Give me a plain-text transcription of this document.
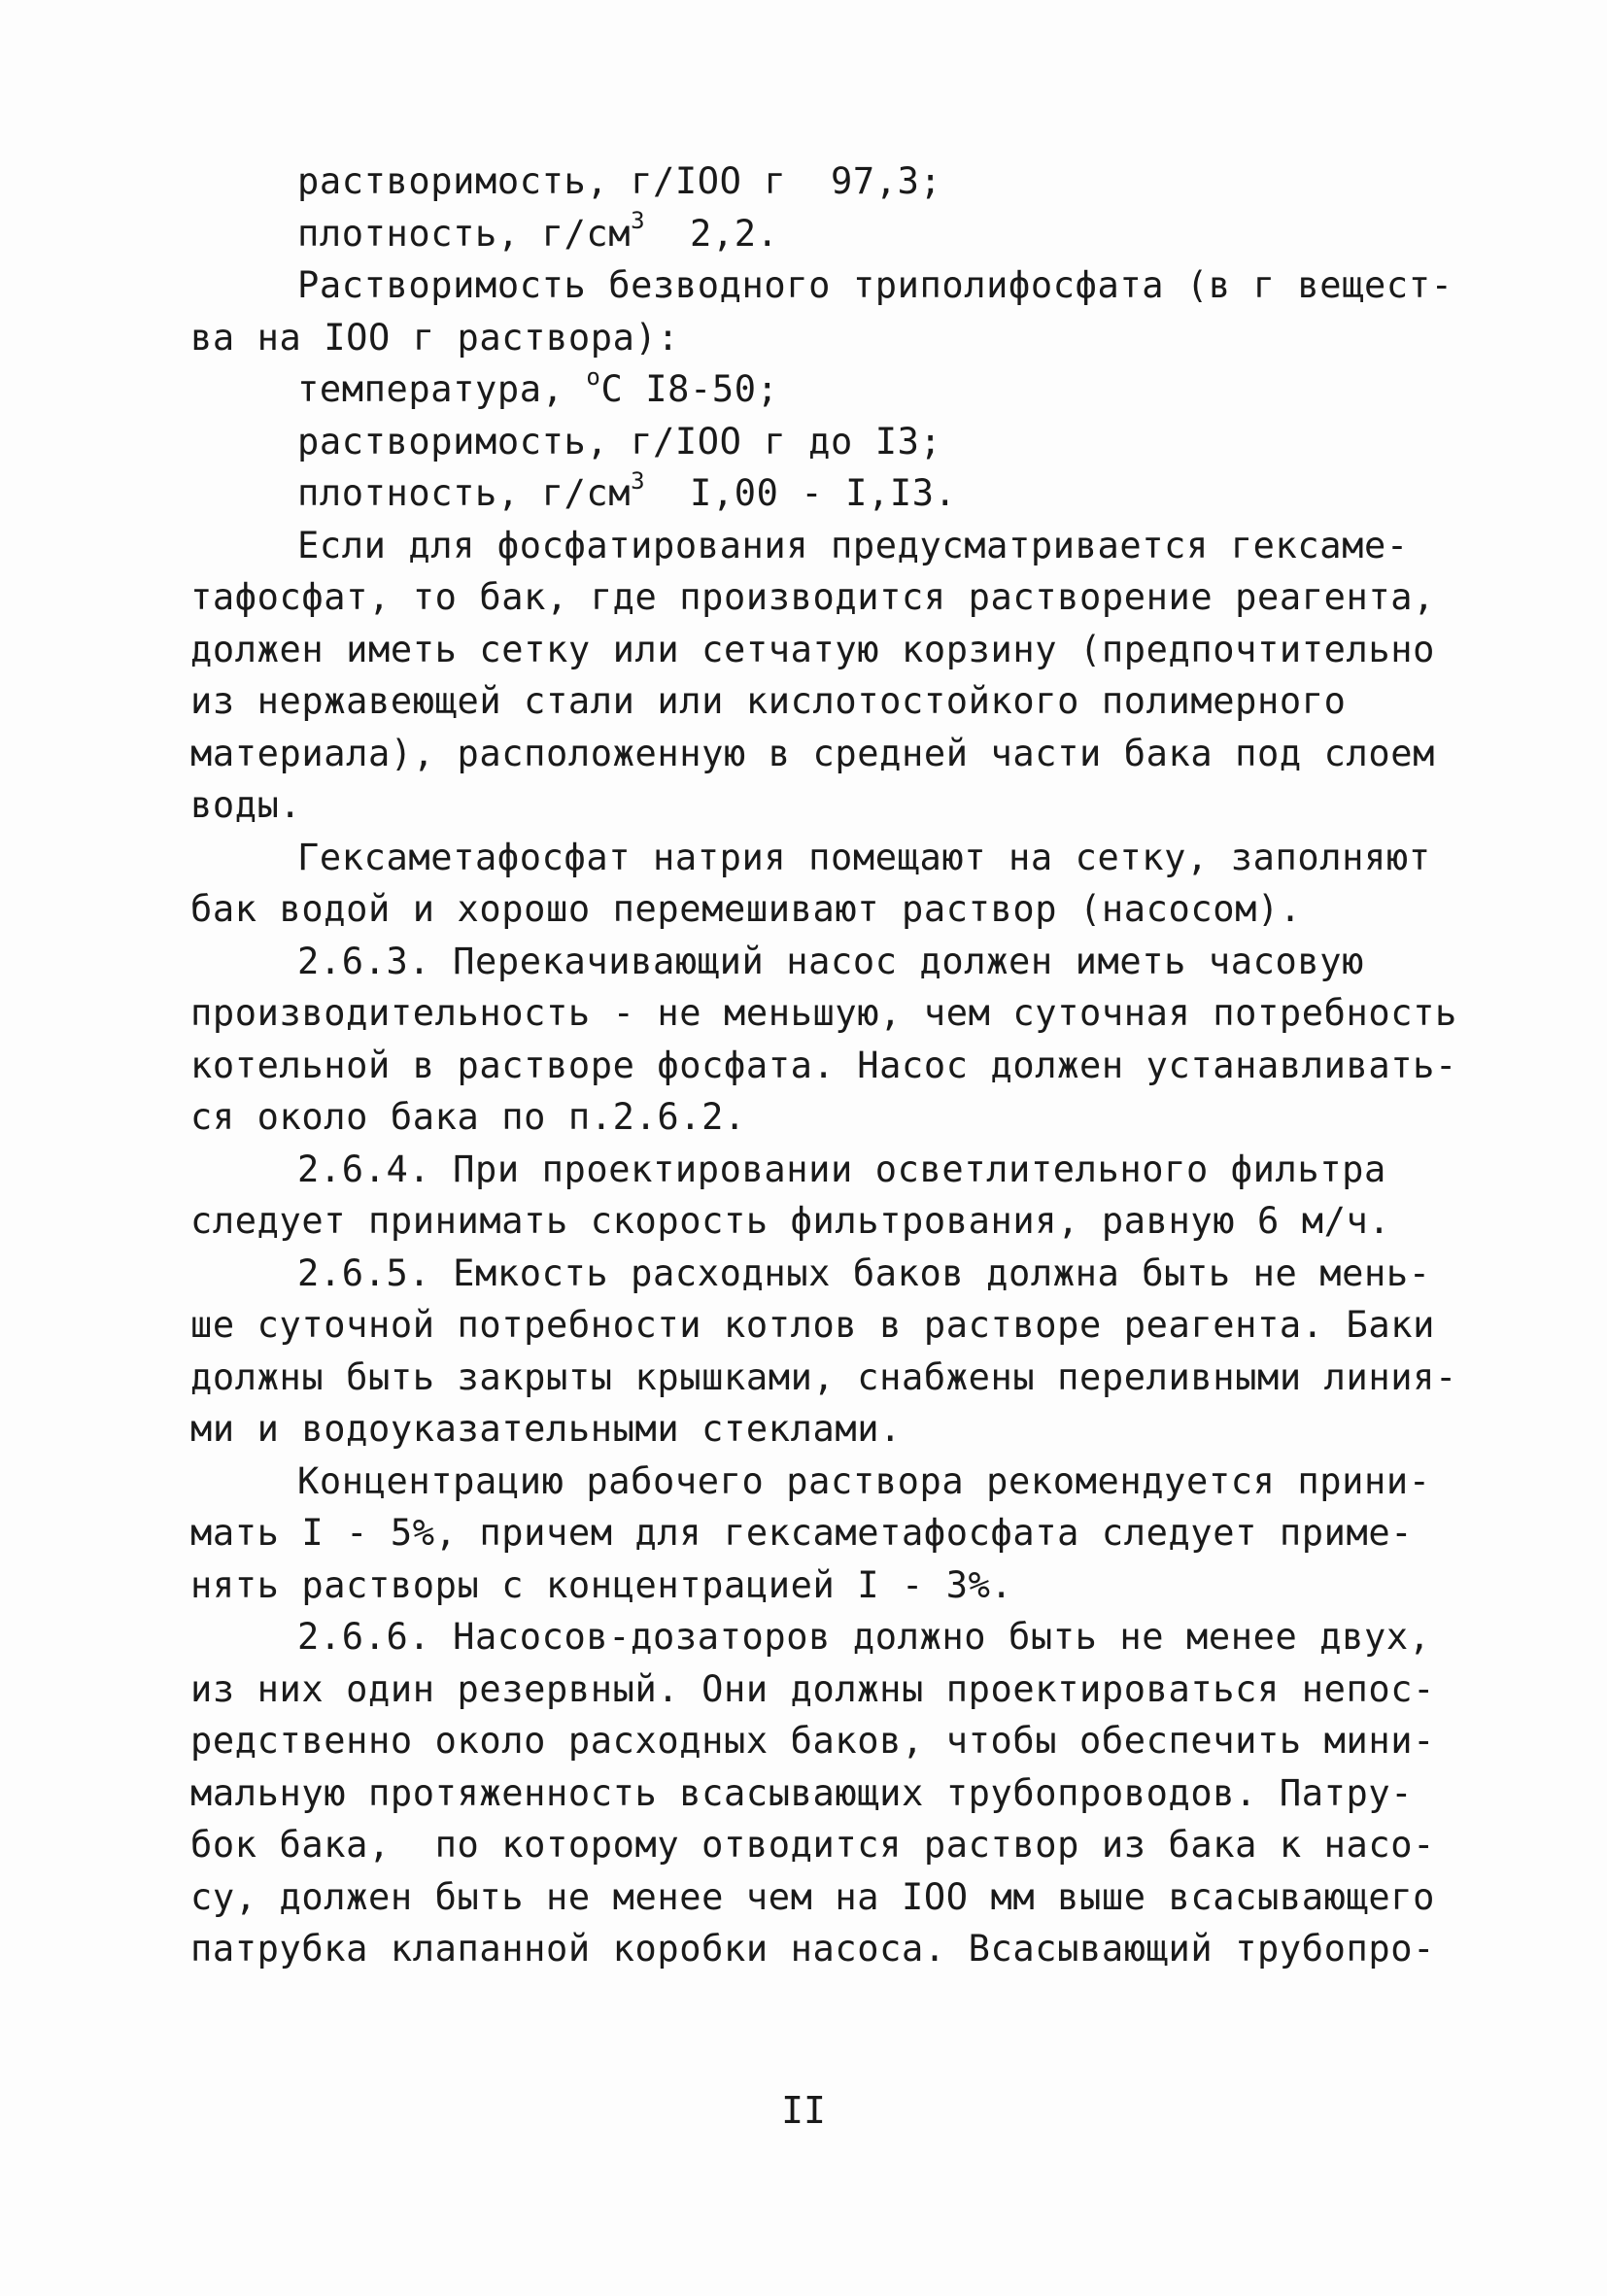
растворимость, г/IOO г  97,3;
плотность, $г/см^3$  2,2.
Растворимость безводного триполифосфата (в г вещест-
ва на IOO г раствора):
температура, $^о$С I8-50;
растворимость, г/IOO г до I3;
плотность, $г/см^3$  I,00 - I,I3.
Если для фосфатирования предусматривается гексаме-
тафосфат, то бак, где производится растворение реагента,
должен иметь сетку или сетчатую корзину (предпочтительно
из нержавеющей стали или кислотостойкого полимерного
материала), расположенную в средней части бака под слоем
воды.
Гексаметафосфат натрия помещают на сетку, заполняют
бак водой и хорошо перемешивают раствор (насосом).
2.6.3. Перекачивающий насос должен иметь часовую
производительность - не меньшую, чем суточная потребность
котельной в растворе фосфата. Насос должен устанавливать-
ся около бака по п.2.6.2.
2.6.4. При проектировании осветлительного фильтра
следует принимать скорость фильтрования, равную 6 м/ч.
2.6.5. Емкость расходных баков должна быть не мень-
ше суточной потребности котлов в растворе реагента. Баки
должны быть закрыты крышками, снабжены переливными линия-
ми и водоуказательными стеклами.
Концентрацию рабочего раствора рекомендуется прини-
мать I - 5%, причем для гексаметафосфата следует приме-
нять растворы с концентрацией I - 3%.
2.6.6. Насосов-дозаторов должно быть не менее двух,
из них один резервный. Они должны проектироваться непос-
редственно около расходных баков, чтобы обеспечить мини-
мальную протяженность всасывающих трубопроводов. Патру-
бок бака,  по которому отводится раствор из бака к насо-
су, должен быть не менее чем на IOO мм выше всасывающего
патрубка клапанной коробки насоса. Всасывающий трубопро-
II
